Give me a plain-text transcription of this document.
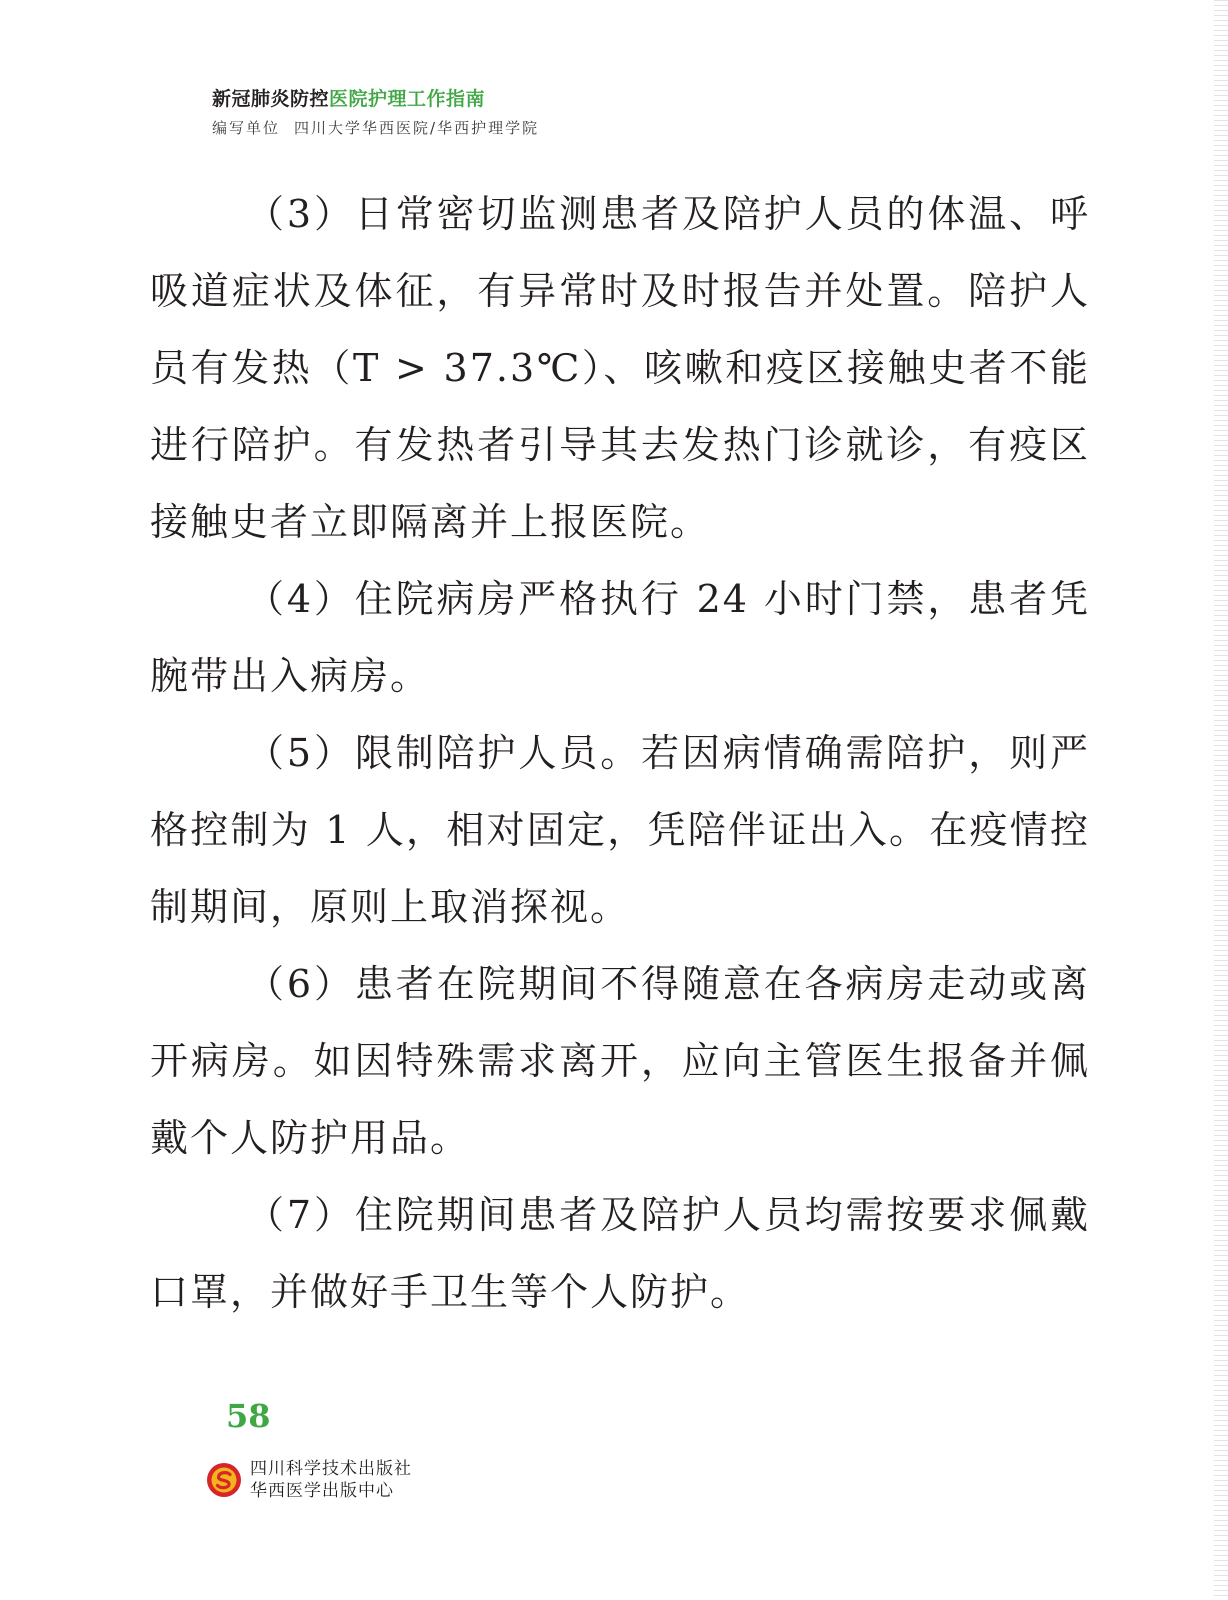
新冠肺炎防控医院护理工作指南
编写单位 四川大学华西医院/华西护理学院

（3）日常密切监测患者及陪护人员的体温、呼吸道症状及体征，有异常时及时报告并处置。陪护人员有发热（T > 37.3℃）、咳嗽和疫区接触史者不能进行陪护。有发热者引导其去发热门诊就诊，有疫区接触史者立即隔离并上报医院。

（4）住院病房严格执行 24 小时门禁，患者凭腕带出入病房。

（5）限制陪护人员。若因病情确需陪护，则严格控制为 1 人，相对固定，凭陪伴证出入。在疫情控制期间，原则上取消探视。

（6）患者在院期间不得随意在各病房走动或离开病房。如因特殊需求离开，应向主管医生报备并佩戴个人防护用品。

（7）住院期间患者及陪护人员均需按要求佩戴口罩，并做好手卫生等个人防护。

58
四川科学技术出版社
华西医学出版中心
